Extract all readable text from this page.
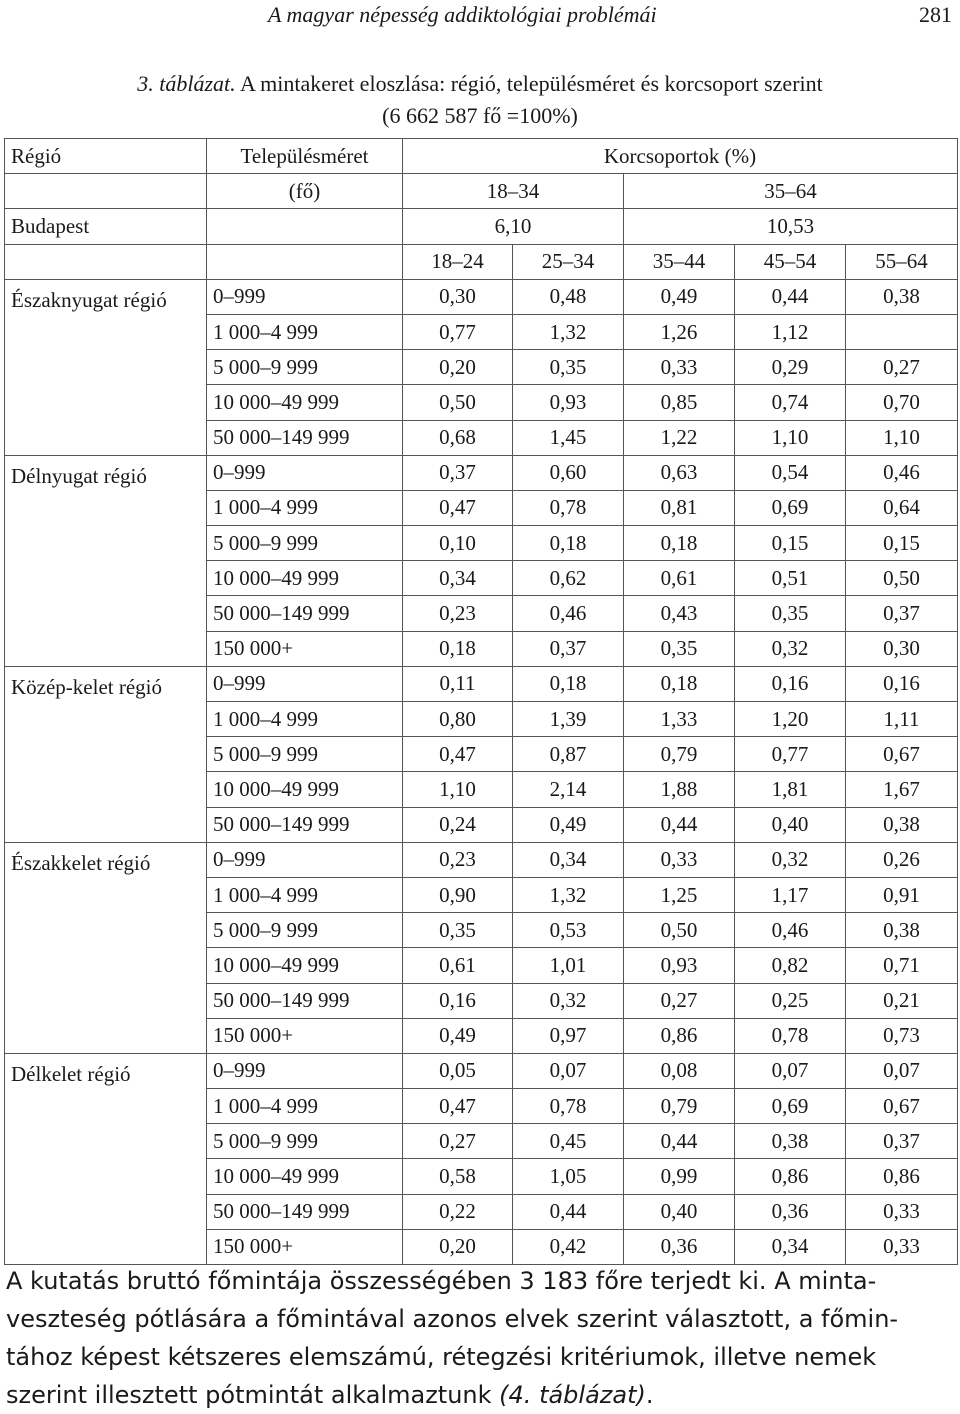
A magyar népesség addiktológiai problémái	281
3. táblázat. A mintakeret eloszlása: régió, településméret és korcsoport szerint
(6 662 587 fő =100%)
Régió	Településméret	Korcsoportok (%)				
	(fő)	18–34		35–64		
Budapest		6,10		10,53		
		18–24	25–34	35–44	45–54	55–64
Északnyugat régió	0–999	0,30	0,48	0,49	0,44	0,38
	1 000–4 999	0,77	1,32	1,26	1,12	
	5 000–9 999	0,20	0,35	0,33	0,29	0,27
	10 000–49 999	0,50	0,93	0,85	0,74	0,70
	50 000–149 999	0,68	1,45	1,22	1,10	1,10
Délnyugat régió	0–999	0,37	0,60	0,63	0,54	0,46
	1 000–4 999	0,47	0,78	0,81	0,69	0,64
	5 000–9 999	0,10	0,18	0,18	0,15	0,15
	10 000–49 999	0,34	0,62	0,61	0,51	0,50
	50 000–149 999	0,23	0,46	0,43	0,35	0,37
	150 000+	0,18	0,37	0,35	0,32	0,30
Közép-kelet régió	0–999	0,11	0,18	0,18	0,16	0,16
	1 000–4 999	0,80	1,39	1,33	1,20	1,11
	5 000–9 999	0,47	0,87	0,79	0,77	0,67
	10 000–49 999	1,10	2,14	1,88	1,81	1,67
	50 000–149 999	0,24	0,49	0,44	0,40	0,38
Északkelet régió	0–999	0,23	0,34	0,33	0,32	0,26
	1 000–4 999	0,90	1,32	1,25	1,17	0,91
	5 000–9 999	0,35	0,53	0,50	0,46	0,38
	10 000–49 999	0,61	1,01	0,93	0,82	0,71
	50 000–149 999	0,16	0,32	0,27	0,25	0,21
	150 000+	0,49	0,97	0,86	0,78	0,73
Délkelet régió	0–999	0,05	0,07	0,08	0,07	0,07
	1 000–4 999	0,47	0,78	0,79	0,69	0,67
	5 000–9 999	0,27	0,45	0,44	0,38	0,37
	10 000–49 999	0,58	1,05	0,99	0,86	0,86
	50 000–149 999	0,22	0,44	0,40	0,36	0,33
	150 000+	0,20	0,42	0,36	0,34	0,33

A kutatás bruttó főmintája összességében 3 183 főre terjedt ki. A minta-

veszteség pótlására a főmintával azonos elvek szerint választott, a főmin-

tához képest kétszeres elemszámú, rétegzési kritériumok, illetve nemek

szerint illesztett pótmintát alkalmaztunk (4. táblázat).
